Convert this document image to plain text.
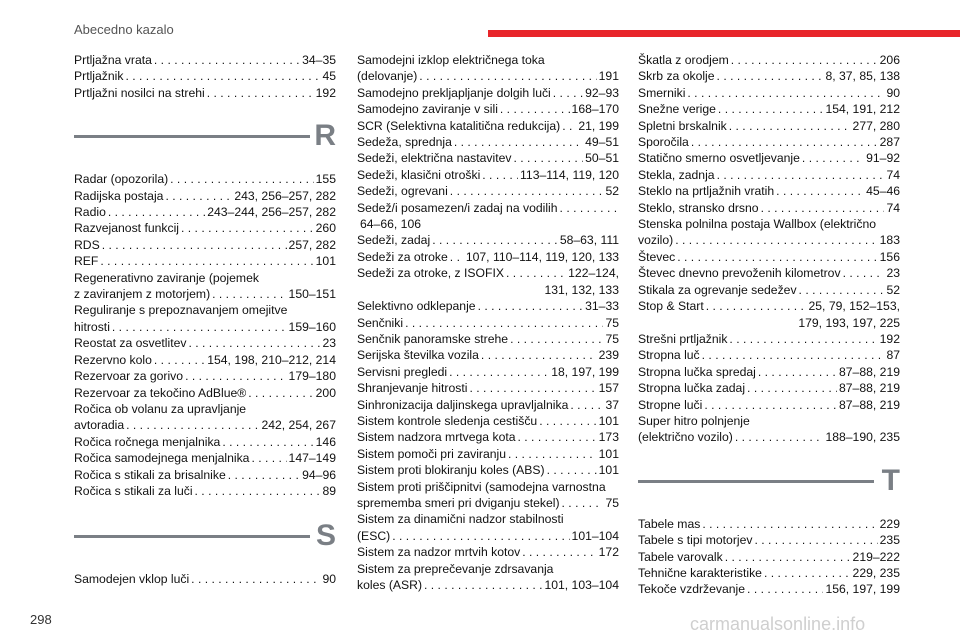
Abecedno kazalo
Prtljažna vrata . . .	34–35
Prtljažnik . . .	45
Prtljažni nosilci na strehi . . .	192
R
Radar (opozorila) . . .	155
Radijska postaja . . .	243, 256–257, 282
Radio . . .	243–244, 256–257, 282
Razvejanost funkcij . . .	260
RDS . . .	257, 282
REF . . .	101
Regenerativno zaviranje (pojemek
z zaviranjem z motorjem) . . .	150–151
Reguliranje s prepoznavanjem omejitve
hitrosti . . .	159–160
Reostat za osvetlitev . . .	23
Rezervno kolo . . .	154, 198, 210–212, 214
Rezervoar za gorivo . . .	179–180
Rezervoar za tekočino AdBlue® . . .	200
Ročica ob volanu za upravljanje
avtoradia . . .	242, 254, 267
Ročica ročnega menjalnika . . .	146
Ročica samodejnega menjalnika . . .	147–149
Ročica s stikali za brisalnike . . .	94–96
Ročica s stikali za luči . . .	89
S
Samodejen vklop luči . . .	90
Samodejni izklop električnega toka
(delovanje) . . .	191
Samodejno prekljapljanje dolgih luči . . .	92–93
Samodejno zaviranje v sili . . .	168–170
SCR (Selektivna katalitična redukcija) . . . 21, 199
Sedeža, sprednja . . .	49–51
Sedeži, električna nastavitev . . .	50–51
Sedeži, klasični otroški . . .	113–114, 119, 120
Sedeži, ogrevani . . .	52
Sedež/i posamezen/i zadaj na vodilih
. . .
64–66, 106
Sedeži, zadaj . . .	58–63, 111
Sedeži za otroke . . . 107, 110–114, 119, 120, 133
Sedeži za otroke, z ISOFIX . . .	122–124,
131, 132, 133
Selektivno odklepanje . . .	31–33
Senčniki . . .	75
Senčnik panoramske strehe . . .	75
Serijska številka vozila . . .	239
Servisni pregledi . . .	18, 197, 199
Shranjevanje hitrosti . . .	157
Sinhronizacija daljinskega upravljalnika . . .	37
Sistem kontrole sledenja cestišču . . .	101
Sistem nadzora mrtvega kota . . .	173
Sistem pomoči pri zaviranju . . .	101
Sistem proti blokiranju koles (ABS) . . .	101
Sistem proti priščipnitvi (samodejna varnostna
sprememba smeri pri dviganju stekel) . . .	75
Sistem za dinamični nadzor stabilnosti
(ESC) . . .	101–104
Sistem za nadzor mrtvih kotov . . .	172
Sistem za preprečevanje zdrsavanja
koles (ASR) . . .	101, 103–104
Škatla z orodjem . . .	206
Skrb za okolje . . .	8, 37, 85, 138
Smerniki . . .	90
Snežne verige . . .	154, 191, 212
Spletni brskalnik . . .	277, 280
Sporočila . . .	287
Statično smerno osvetljevanje . . .	91–92
Stekla, zadnja . . .	74
Steklo na prtljažnih vratih . . .	45–46
Steklo, stransko drsno . . .	74
Stenska polnilna postaja Wallbox (električno
vozilo) . . .	183
Števec . . .	156
Števec dnevno prevoženih kilometrov . . .	23
Stikala za ogrevanje sedežev . . .	52
Stop & Start . . .	25, 79, 152–153,
179, 193, 197, 225
Strešni prtljažnik . . .	192
Stropna luč . . .	87
Stropna lučka spredaj . . .	87–88, 219
Stropna lučka zadaj . . .	87–88, 219
Stropne luči . . .	87–88, 219
Super hitro polnjenje
(električno vozilo) . . .	188–190, 235
T
Tabele mas . . .	229
Tabele s tipi motorjev . . .	235
Tabele varovalk . . .	219–222
Tehnične karakteristike . . .	229, 235
Tekoče vzdrževanje . . .	156, 197, 199
298	carmanualsonline.info
